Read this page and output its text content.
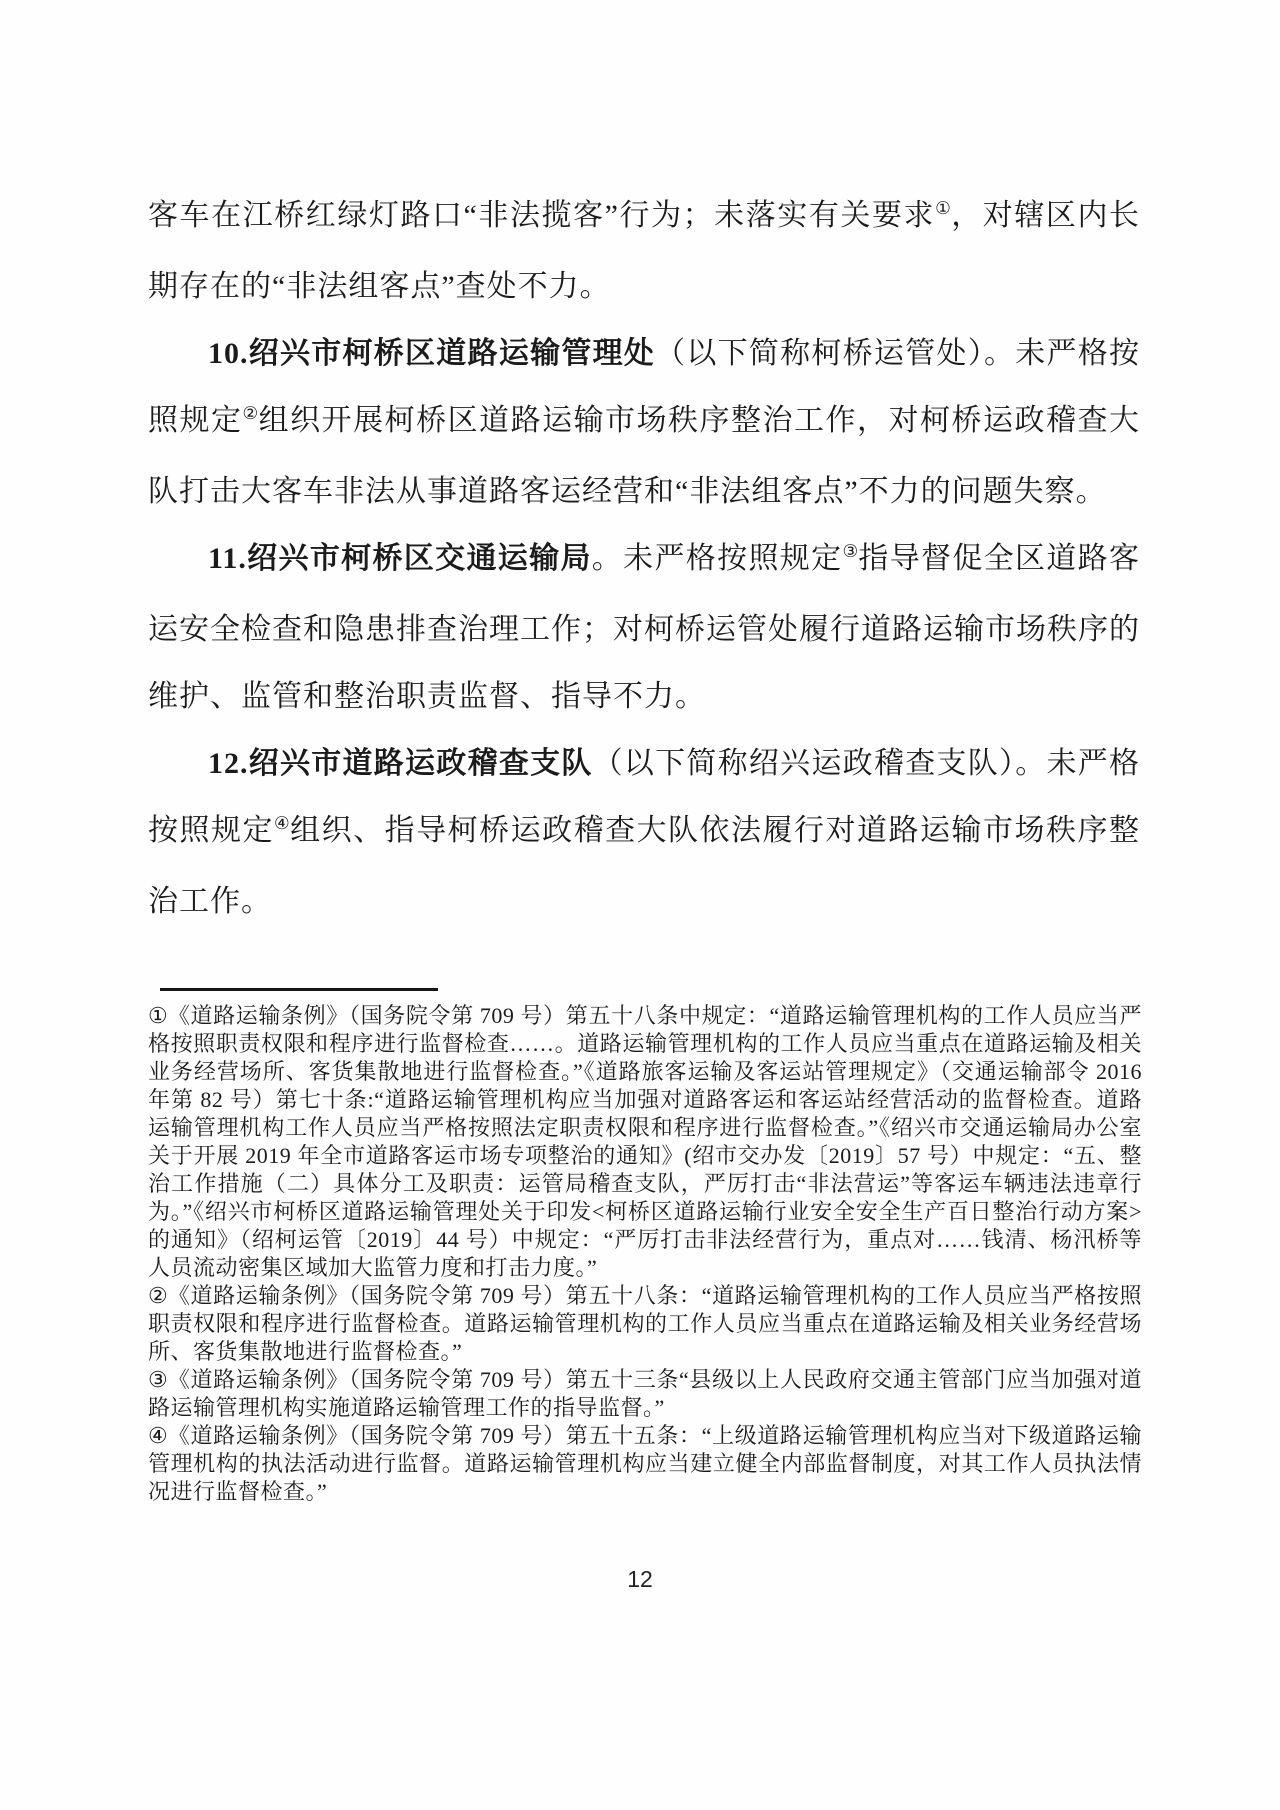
客车在江桥红绿灯路口“非法揽客”行为；未落实有关要求①，对辖区内长期存在的“非法组客点”查处不力。

10.绍兴市柯桥区道路运输管理处（以下简称柯桥运管处）。未严格按照规定②组织开展柯桥区道路运输市场秩序整治工作，对柯桥运政稽查大队打击大客车非法从事道路客运经营和“非法组客点”不力的问题失察。

11.绍兴市柯桥区交通运输局。未严格按照规定③指导督促全区道路客运安全检查和隐患排查治理工作；对柯桥运管处履行道路运输市场秩序的维护、监管和整治职责监督、指导不力。

12.绍兴市道路运政稽查支队（以下简称绍兴运政稽查支队）。未严格按照规定④组织、指导柯桥运政稽查大队依法履行对道路运输市场秩序整治工作。

①《道路运输条例》（国务院令第 709 号）第五十八条中规定：“道路运输管理机构的工作人员应当严格按照职责权限和程序进行监督检查……。道路运输管理机构的工作人员应当重点在道路运输及相关业务经营场所、客货集散地进行监督检查。”《道路旅客运输及客运站管理规定》（交通运输部令 2016 年第 82 号）第七十条:“道路运输管理机构应当加强对道路客运和客运站经营活动的监督检查。道路运输管理机构工作人员应当严格按照法定职责权限和程序进行监督检查。”《绍兴市交通运输局办公室关于开展 2019 年全市道路客运市场专项整治的通知》(绍市交办发〔2019〕57 号）中规定：“五、整治工作措施（二）具体分工及职责：运管局稽查支队，严厉打击“非法营运”等客运车辆违法违章行为。”《绍兴市柯桥区道路运输管理处关于印发<柯桥区道路运输行业安全安全生产百日整治行动方案>的通知》（绍柯运管〔2019〕44 号）中规定：“严厉打击非法经营行为，重点对……钱清、杨汛桥等人员流动密集区域加大监管力度和打击力度。”

②《道路运输条例》（国务院令第 709 号）第五十八条：“道路运输管理机构的工作人员应当严格按照职责权限和程序进行监督检查。道路运输管理机构的工作人员应当重点在道路运输及相关业务经营场所、客货集散地进行监督检查。”

③《道路运输条例》（国务院令第 709 号）第五十三条“县级以上人民政府交通主管部门应当加强对道路运输管理机构实施道路运输管理工作的指导监督。”

④《道路运输条例》（国务院令第 709 号）第五十五条：“上级道路运输管理机构应当对下级道路运输管理机构的执法活动进行监督。道路运输管理机构应当建立健全内部监督制度，对其工作人员执法情况进行监督检查。”

12
